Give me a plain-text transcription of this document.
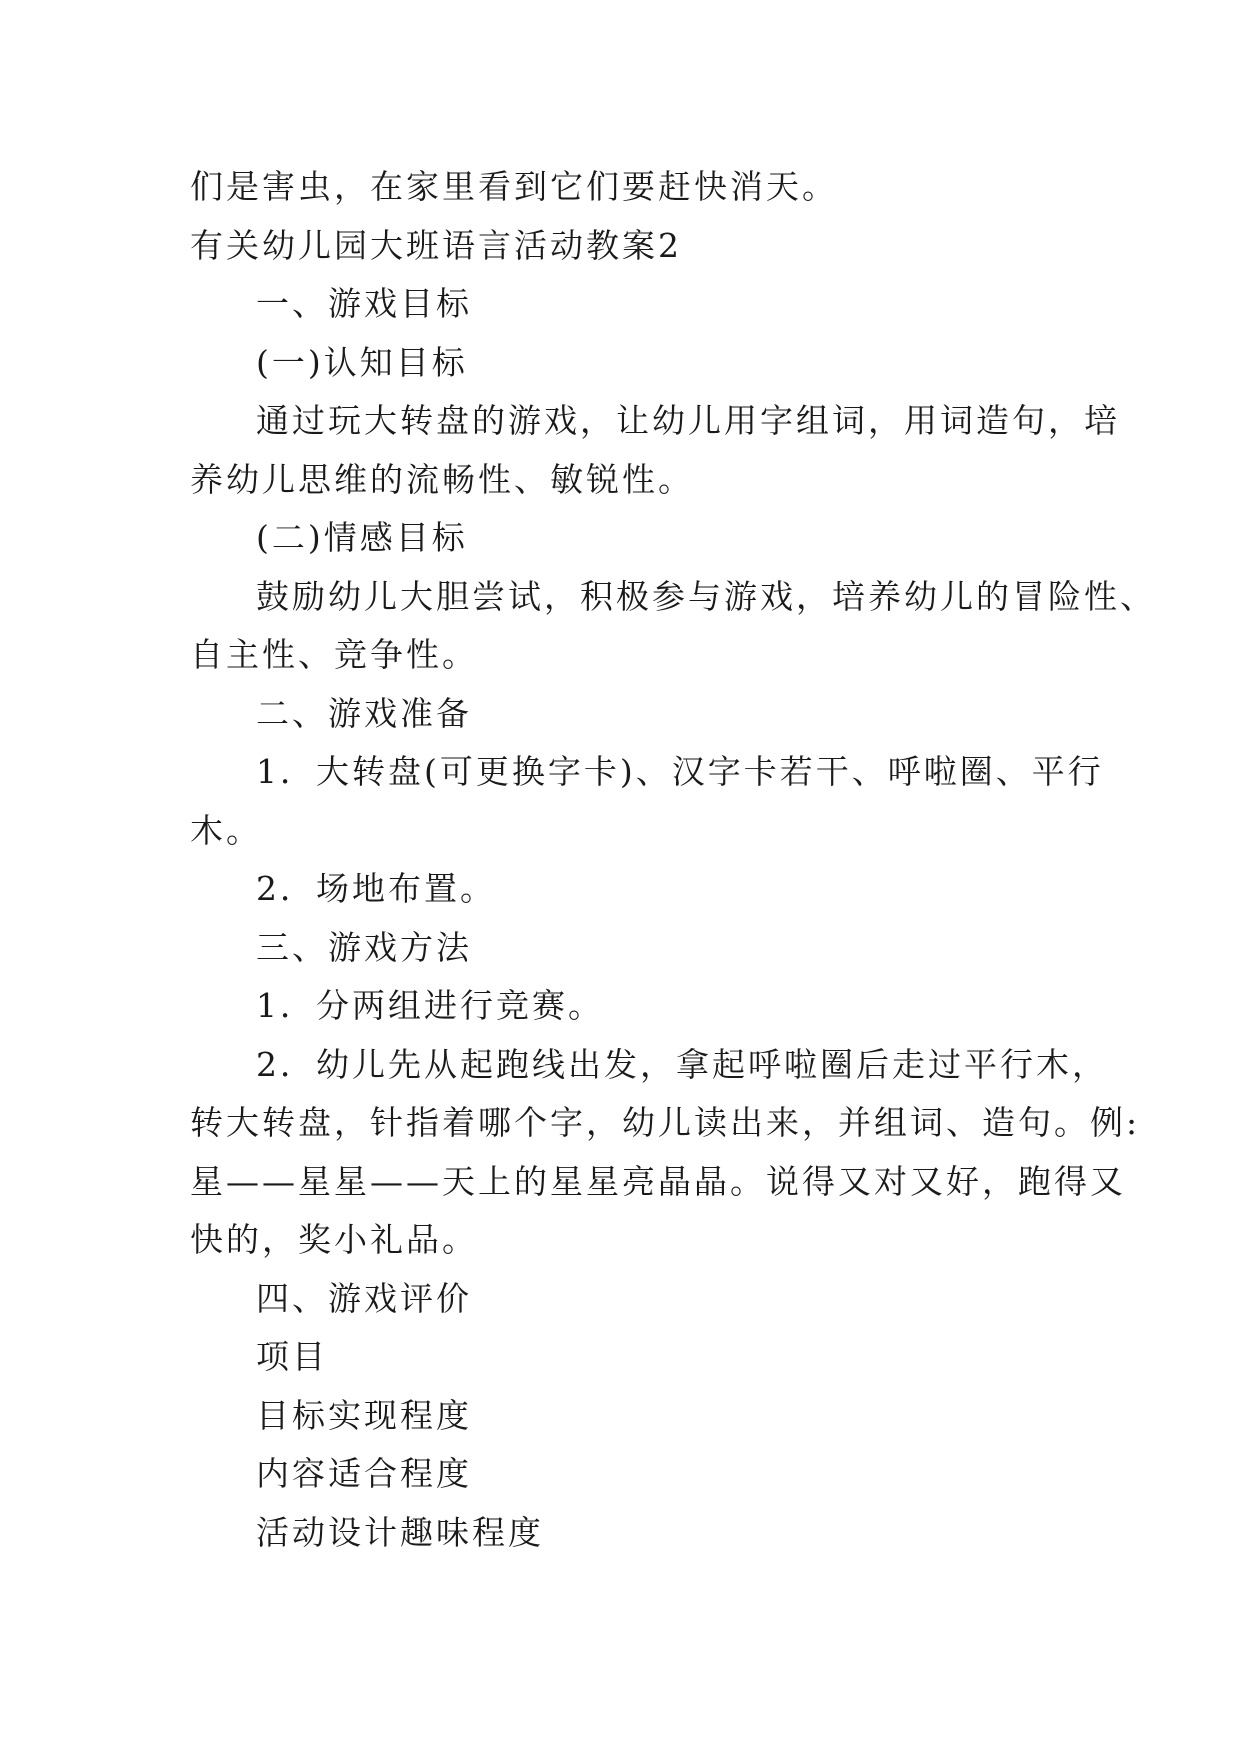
们是害虫，在家里看到它们要赶快消天。
有关幼儿园大班语言活动教案2
一、游戏目标
(一)认知目标
通过玩大转盘的游戏，让幼儿用字组词，用词造句，培
养幼儿思维的流畅性、敏锐性。
(二)情感目标
鼓励幼儿大胆尝试，积极参与游戏，培养幼儿的冒险性、
自主性、竞争性。
二、游戏准备
1．大转盘(可更换字卡)、汉字卡若干、呼啦圈、平行
木。
2．场地布置。
三、游戏方法
1．分两组进行竞赛。
2．幼儿先从起跑线出发，拿起呼啦圈后走过平行木，
转大转盘，针指着哪个字，幼儿读出来，并组词、造句。例:
星——星星——天上的星星亮晶晶。说得又对又好，跑得又
快的，奖小礼品。
四、游戏评价
项目
目标实现程度
内容适合程度
活动设计趣味程度
